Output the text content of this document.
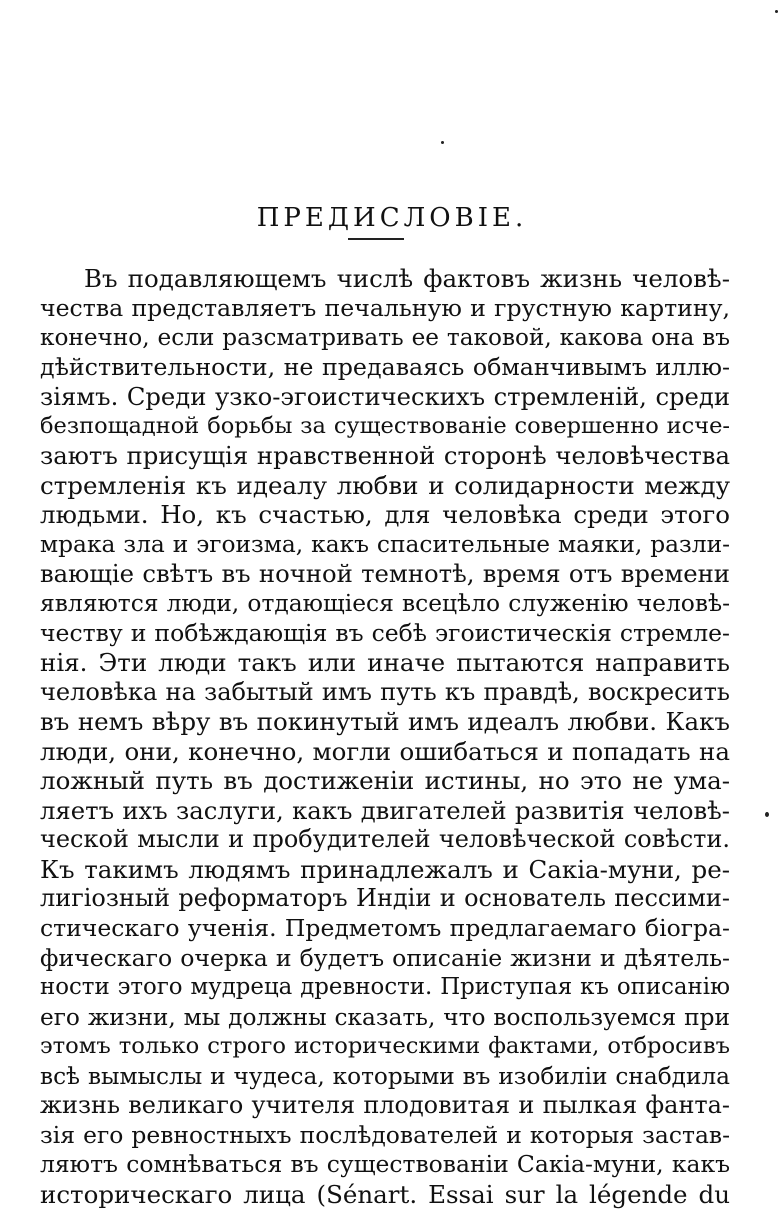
ПРЕДИСЛОВІЕ.
Въ подавляющемъ числѣ фактовъ жизнь человѣ-
чества представляетъ печальную и грустную картину,
конечно, если разсматривать ее таковой, какова она въ
дѣйствительности, не предаваясь обманчивымъ иллю-
зіямъ. Среди узко-эгоистическихъ стремленій, среди
безпощадной борьбы за существованіе совершенно исче-
заютъ присущія нравственной сторонѣ человѣчества
стремленія къ идеалу любви и солидарности между
людьми. Но, къ счастью, для человѣка среди этого
мрака зла и эгоизма, какъ спасительные маяки, разли-
вающіе свѣтъ въ ночной темнотѣ, время отъ времени
являются люди, отдающіеся всецѣло служенію человѣ-
честву и побѣждающія въ себѣ эгоистическія стремле-
нія. Эти люди такъ или иначе пытаются направить
человѣка на забытый имъ путь къ правдѣ, воскресить
въ немъ вѣру въ покинутый имъ идеалъ любви. Какъ
люди, они, конечно, могли ошибаться и попадать на
ложный путь въ достиженіи истины, но это не ума-
ляетъ ихъ заслуги, какъ двигателей развитія человѣ-
ческой мысли и пробудителей человѣческой совѣсти.
Къ такимъ людямъ принадлежалъ и Сакіа-муни, ре-
лигіозный реформаторъ Индіи и основатель пессими-
стическаго ученія. Предметомъ предлагаемаго біогра-
фическаго очерка и будетъ описаніе жизни и дѣятель-
ности этого мудреца древности. Приступая къ описанію
его жизни, мы должны сказать, что воспользуемся при
этомъ только строго историческими фактами, отбросивъ
всѣ вымыслы и чудеса, которыми въ изобиліи снабдила
жизнь великаго учителя плодовитая и пылкая фанта-
зія его ревностныхъ послѣдователей и которыя застав-
ляютъ сомнѣваться въ существованіи Сакіа-муни, какъ
историческаго лица (Sénart. Essai sur la légende du
